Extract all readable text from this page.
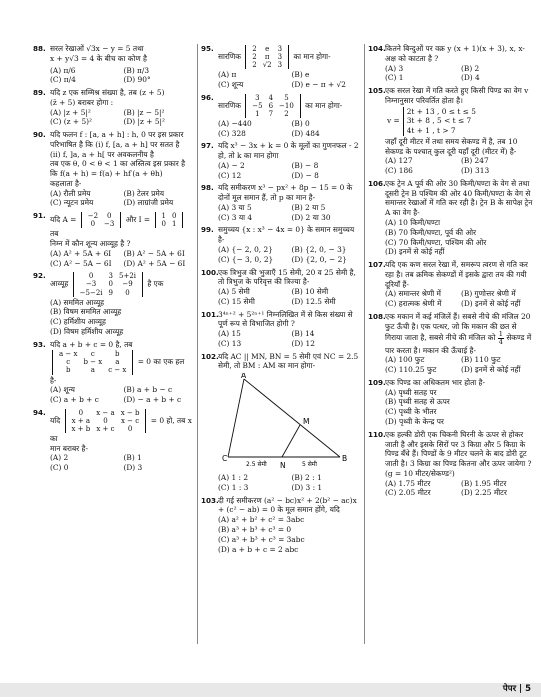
88. सरल रेखाओं √3x − y = 5 तथा
x + y√3 = 4 के बीच का कोण है
(A) π/6	(B) π/3
(C) π/4	(D) 90°
89. यदि z एक सम्मिश्र संख्या है, तब (z + 5)
(z̄ + 5) बराबर होगा :
(A) |z + 5|²	(B) |z − 5|²
(C) (z + 5)²	(D) |z + 5|²
90. यदि फलन f : [a, a + h] : h, 0 पर इस प्रकार परिभाषित है कि (i) f, [a, a + h] पर सतत है
(ii) f, ]a, a + h[ पर अवकलनीय है
तब एक θ, 0 < θ < 1 का अस्तित्व इस प्रकार है कि f(a + h) = f(a) + hf′(a + θh)
कहलाता है-
(A) रौली प्रमेय	(B) टेलर प्रमेय
(C) न्यूटन प्रमेय	(D) लाग्रांजी प्रमेय
91. यदि A = −2	0
0	−3 और I = 1	0
0	1
तब
निम्न में कौन शून्य आव्यूह है ?
(A) A² + 5A + 6I	(B) A² − 5A + 6I
(C) A² − 5A − 6I	(D) A² + 5A − 6I
92.
आव्यूह
0	3	5+2i
−3	0	−9
−5−2i	9	0
है एक
(A) सममित आव्यूह
(B) विषम सममित आव्यूह
(C) हर्मिशीय आव्यूह
(D) विषम हर्मिशीय आव्यूह
93. यदि a + b + c = 0 है, तब
a − x	c	b
c	b − x	a
b	a	c − x
= 0 का एक हल
है-
(A) शून्य	(B) a + b − c
(C) a + b + c	(D) − a + b + c
94.
यदि
0	x − a	x − b
x + a	0	x − c
x + b	x + c	0
= 0 हो, तब x का
मान बराबर है-
(A) 2	(B) 1
(C) 0	(D) 3
95.
सारणिक
2	e	3
2	π	3
2	√2	3
का मान होगा-
(A) π	(B) e
(C) शून्य	(D) e − π + √2
96.
सारणिक
3	4	5
−5	6	−10
1	7	2
का मान होगा-
(A) −440	(B) 0
(C) 328	(D) 484
97. यदि x³ − 3x + k = 0 के मूलों का गुणनफल - 2 हो, तो k का मान होगा
(A) − 2	(B) − 8
(C) 12	(D) − 8
98. यदि समीकरण x³ − px² + 8p − 15 = 0 के दोनों मूल समान हैं, तो p का मान है-
(A) 3 या 5	(B) 2 या 5
(C) 3 या 4	(D) 2 या 30
99. समुच्चय {x : x³ − 4x = 0} के समान समुच्चय है-
(A) {− 2, 0, 2}	(B) {2, 0, − 3}
(C) {− 3, 0, 2}	(D) {2, 0, − 2}
100. एक त्रिभुज की भुजाएँ 15 सेमी, 20 व 25 सेमी है, तो त्रिभुज के परिवृत्त की त्रिज्या है-
(A) 5 सेमी	(B) 10 सेमी
(C) 15 सेमी	(D) 12.5 सेमी
101. 3⁴ⁿ⁺² + 5²ⁿ⁺¹ निम्नलिखित में से किस संख्या से पूर्ण रूप से विभाजित होगी ?
(A) 15	(B) 14
(C) 13	(D) 12
102. यदि AC || MN, BN = 5 सेमी एवं NC = 2.5 सेमी, तो BM : AM का मान होगा-
A
B
C
M
N
2.5 सेमी	5 सेमी
(A) 1 : 2	(B) 2 : 1
(C) 1 : 3	(D) 3 : 1
103. दी गई समीकरण (a² − bc)x² + 2(b² − ac)x + (c² − ab) = 0 के मूल समान होंगे, यदि
(A) a² + b² + c² = 3abc
(B) a³ + b³ + c³ = 0
(C) a³ + b³ + c³ = 3abc
(D) a + b + c = 2 abc
104. कितने बिन्दुओं पर वक्र y (x + 1)(x + 3), x, x-अक्ष को काटता है ?
(A) 3	(B) 2
(C) 1	(D) 4
105. एक सरल रेखा में गति करते हुए किसी पिण्ड का वेग v निम्नानुसार परिवर्तित होता है।
v =
2t + 13 , 0 ≤ t ≤ 5
3t + 8 , 5 < t ≤ 7
4t + 1 , t > 7
जहाँ दूरी मीटर में तथा समय सेकण्ड में है, तब 10 सेकण्ड के पश्चात् कुल दूरी यहाँ दूरी (मीटर में) है-
(A) 127	(B) 247
(C) 186	(D) 313
106. एक ट्रेन A पूर्व की ओर 30 किमी/घण्टा के वेग से तथा दूसरी ट्रेन B पश्चिम की ओर 40 किमी/घण्टा के वेग से समान्तर रेखाओं में गति कर रही है। ट्रेन B के सापेक्ष ट्रेन A का वेग है-
(A) 10 किमी/घण्टा
(B) 70 किमी/घण्टा, पूर्व की ओर
(C) 70 किमी/घण्टा, पश्चिम की ओर
(D) इनमें से कोई नहीं
107. यदि एक कण सरल रेखा में, समरूप त्वरण से गति कर रहा है। तब क्रमिक सेकण्डों में इसके द्वारा तय की गयी दूरियाँ हैं-
(A) समान्तर श्रेणी में	(B) गुणोत्तर श्रेणी में
(C) हरात्मक श्रेणी में	(D) इनमें से कोई नहीं
108. एक मकान में कई मंजिलें हैं। सबसे नीचे की मंजिल 20 फुट ऊँची है। एक पत्थर, जो कि मकान की छत से गिराया जाता है, सबसे नीचे की मंजिल को $\frac{1}{4}$ सेकण्ड में पार करता है। मकान की ऊँचाई है-
(A) 100 फुट	(B) 110 फुट
(C) 110.25 फुट	(D) इनमें से कोई नहीं
109. एक पिण्ड का अधिकतम भार होता है-
(A) पृथ्वी सतह पर
(B) पृथ्वी सतह से ऊपर
(C) पृथ्वी के भीतर
(D) पृथ्वी के केन्द्र पर
110. एक हल्की डोरी एक चिकनी घिरनी के ऊपर से होकर जाती है और इसके सिरों पर 3 किग्रा और 5 किग्रा के पिण्ड बँधे हैं। पिण्डों के 9 मीटर चलने के बाद डोरी टूट जाती है। 3 किग्रा का पिण्ड कितना और ऊपर जायेगा ? (g = 10 मीटर/सेकण्ड²)
(A) 1.75 मीटर	(B) 1.95 मीटर
(C) 2.05 मीटर	(D) 2.25 मीटर
पेपर | 5
